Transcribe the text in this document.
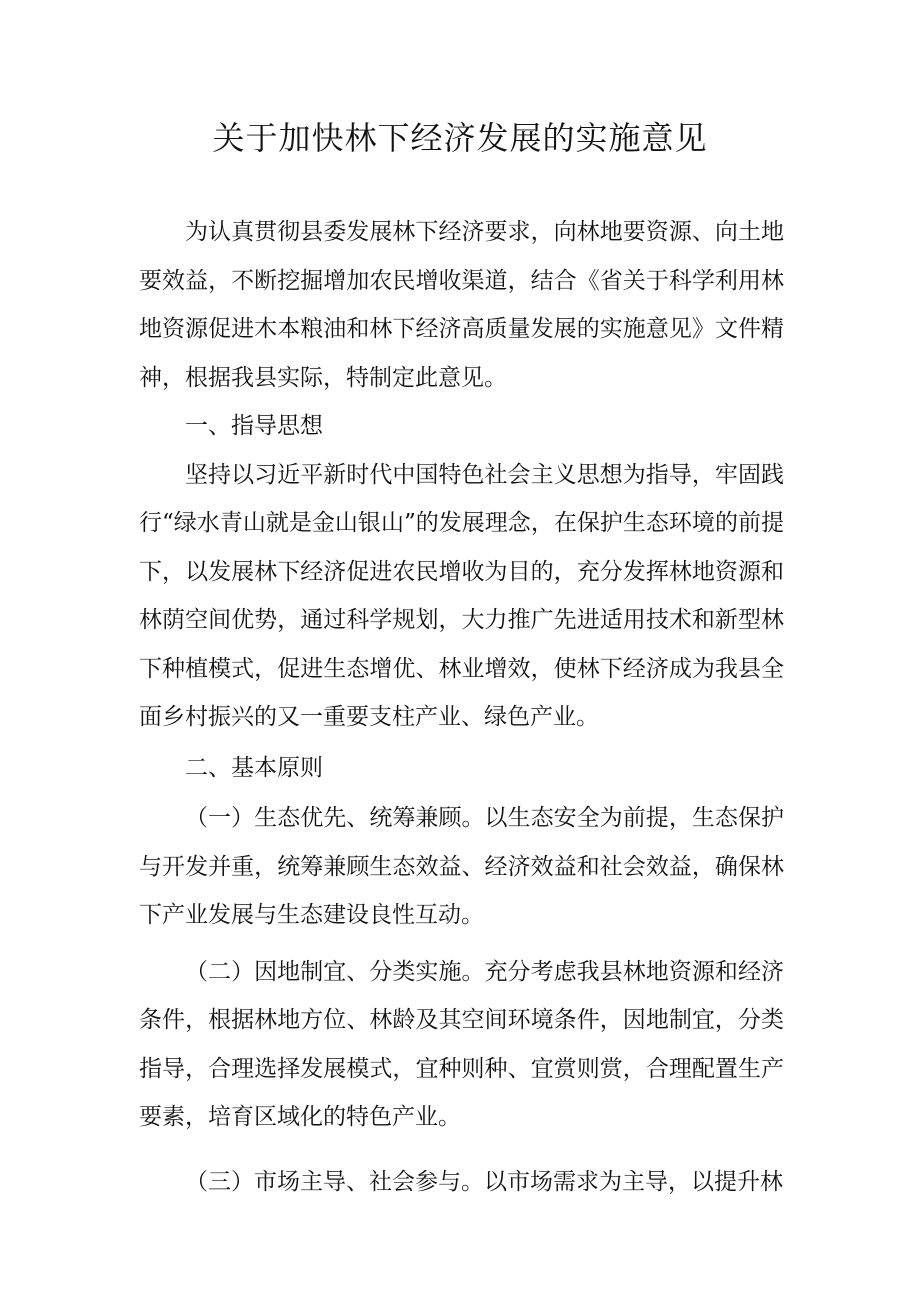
关于加快林下经济发展的实施意见

为认真贯彻县委发展林下经济要求，向林地要资源、向土地要效益，不断挖掘增加农民增收渠道，结合《省关于科学利用林地资源促进木本粮油和林下经济高质量发展的实施意见》文件精神，根据我县实际，特制定此意见。

一、指导思想

坚持以习近平新时代中国特色社会主义思想为指导，牢固践行“绿水青山就是金山银山”的发展理念，在保护生态环境的前提下，以发展林下经济促进农民增收为目的，充分发挥林地资源和林荫空间优势，通过科学规划，大力推广先进适用技术和新型林下种植模式，促进生态增优、林业增效，使林下经济成为我县全面乡村振兴的又一重要支柱产业、绿色产业。

二、基本原则

（一）生态优先、统筹兼顾。以生态安全为前提，生态保护与开发并重，统筹兼顾生态效益、经济效益和社会效益，确保林下产业发展与生态建设良性互动。

（二）因地制宜、分类实施。充分考虑我县林地资源和经济条件，根据林地方位、林龄及其空间环境条件，因地制宜，分类指导，合理选择发展模式，宜种则种、宜赏则赏，合理配置生产要素，培育区域化的特色产业。

（三）市场主导、社会参与。以市场需求为主导，以提升林
